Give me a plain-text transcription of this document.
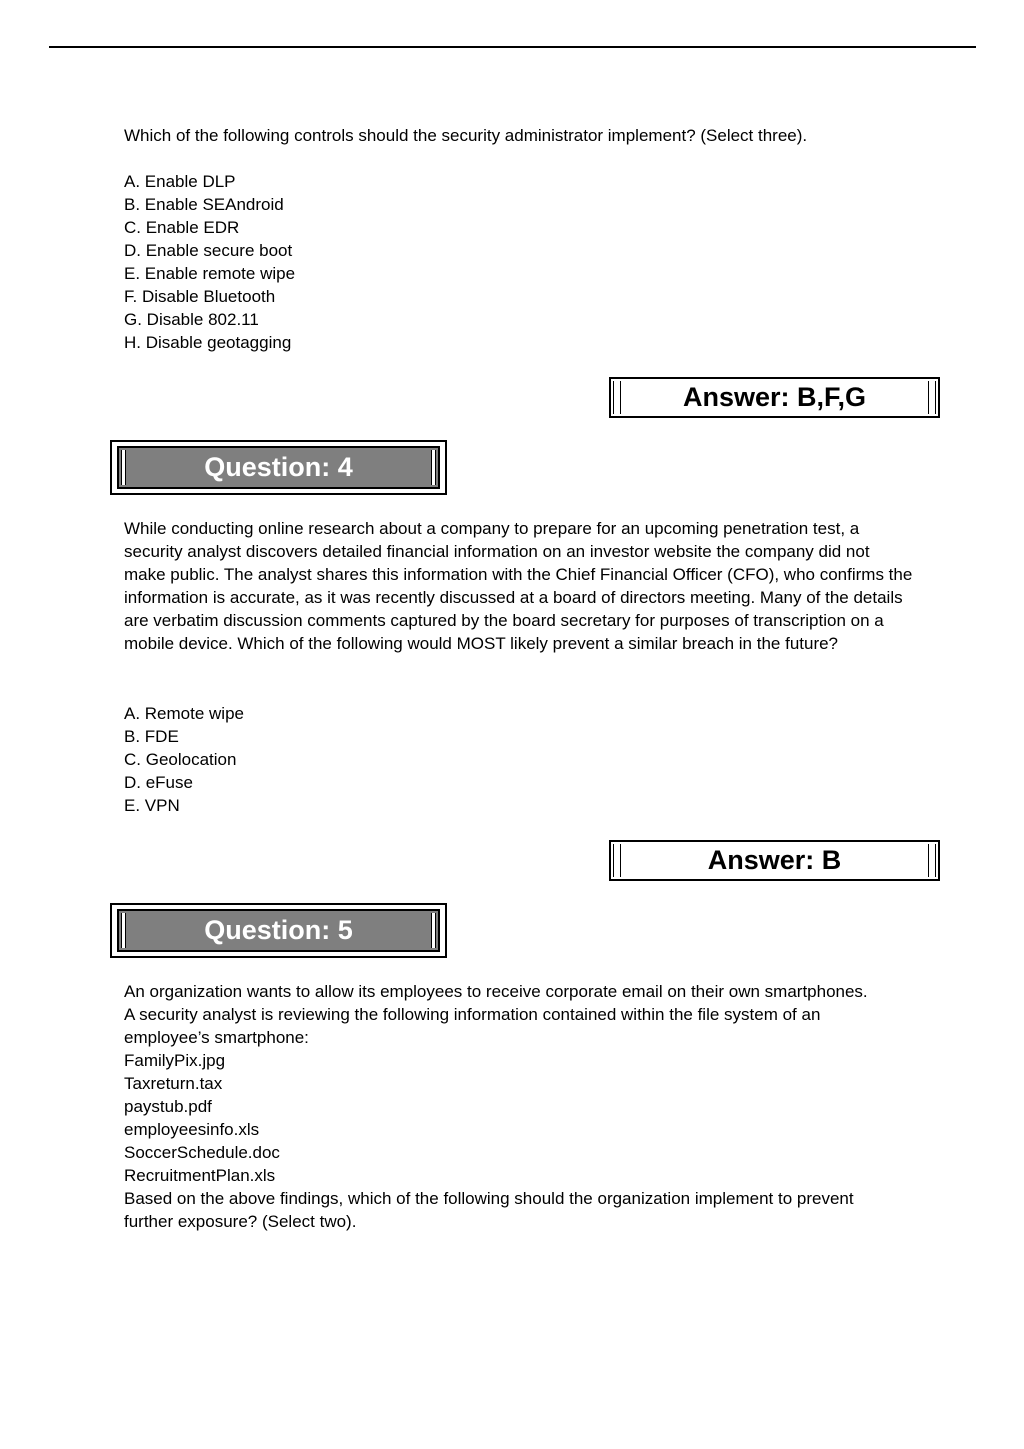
Which of the following controls should the security administrator implement? (Select three).

A. Enable DLP

B. Enable SEAndroid

C. Enable EDR

D. Enable secure boot

E. Enable remote wipe

F. Disable Bluetooth

G. Disable 802.11

H. Disable geotagging

While conducting online research about a company to prepare for an upcoming penetration test, a security analyst discovers detailed financial information on an investor website the company did not make public. The analyst shares this information with the Chief Financial Officer (CFO), who confirms the information is accurate, as it was recently discussed at a board of directors meeting. Many of the details are verbatim discussion comments captured by the board secretary for purposes of transcription on a mobile device. Which of the following would MOST likely prevent a similar breach in the future?

A. Remote wipe

B. FDE

C. Geolocation

D. eFuse

E. VPN

An organization wants to allow its employees to receive corporate email on their own smartphones.

A security analyst is reviewing the following information contained within the file system of an

employee’s smartphone:

FamilyPix.jpg

Taxreturn.tax

paystub.pdf

employeesinfo.xls

SoccerSchedule.doc

RecruitmentPlan.xls

Based on the above findings, which of the following should the organization implement to prevent

further exposure? (Select two).

Answer: B,F,G
Question: 4
Answer: B
Question: 5
